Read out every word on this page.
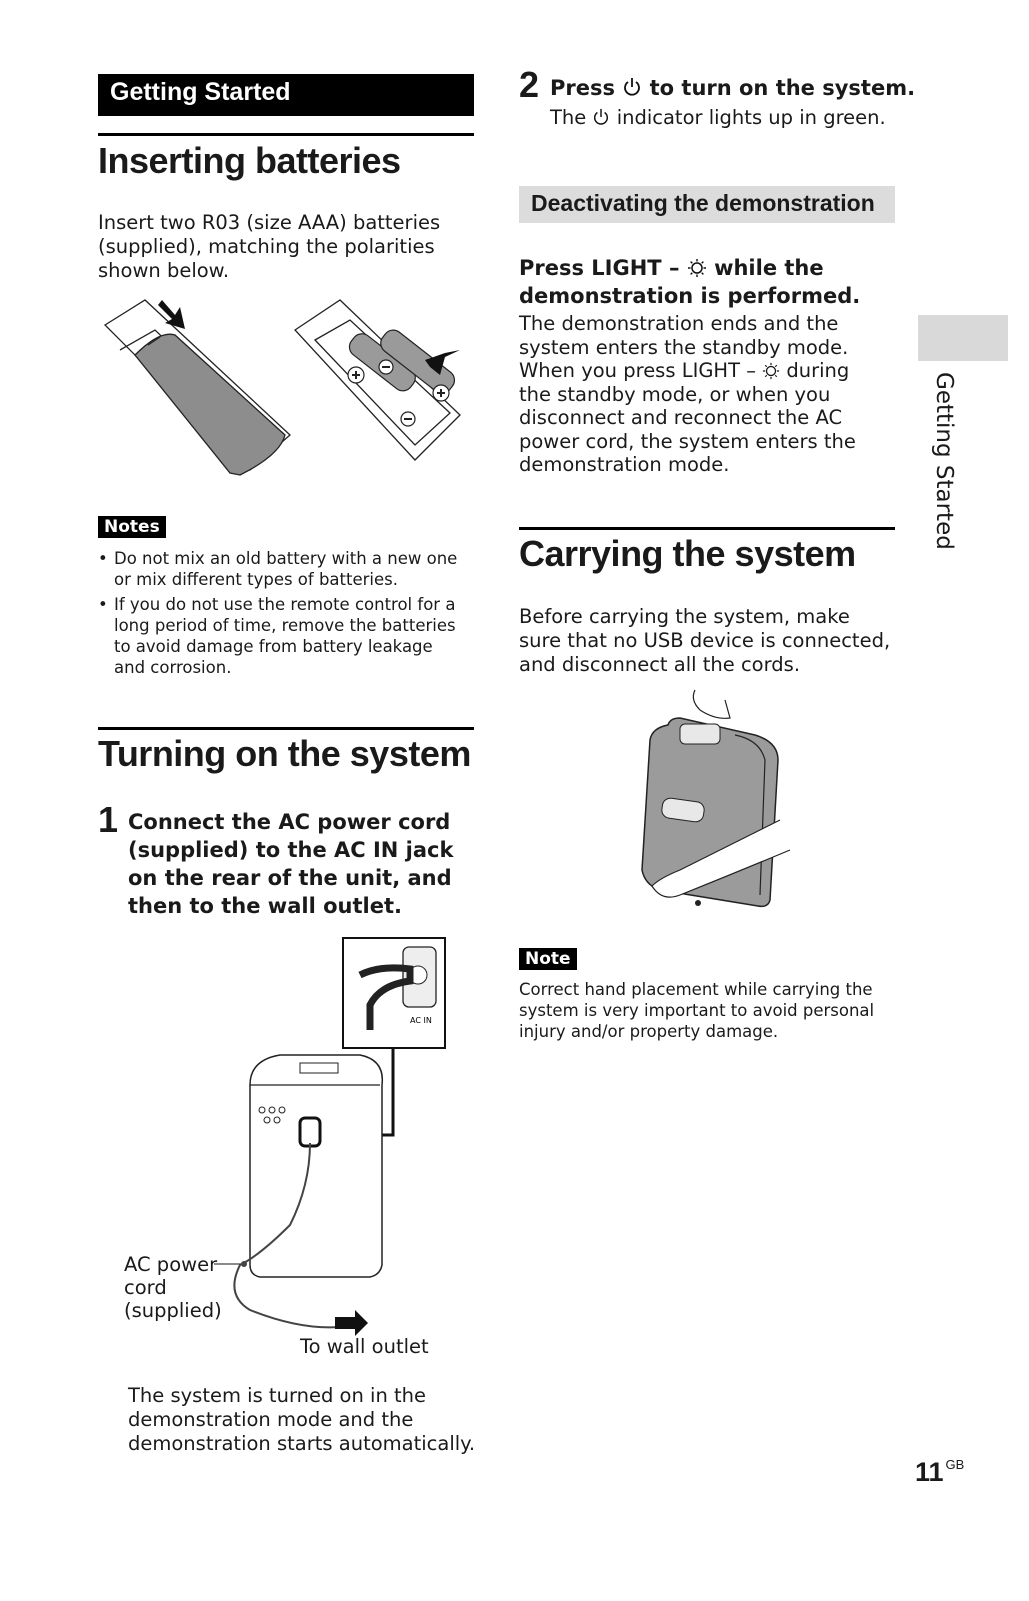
Getting Started
Inserting batteries
Insert two R03 (size AAA) batteries (supplied), matching the polarities shown below.
Notes
• Do not mix an old battery with a new one or mix different types of batteries.
• If you do not use the remote control for a long period of time, remove the batteries to avoid damage from battery leakage and corrosion.
Turning on the system
1 Connect the AC power cord (supplied) to the AC IN jack on the rear of the unit, and then to the wall outlet.
AC IN
AC power cord (supplied)
To wall outlet
The system is turned on in the demonstration mode and the demonstration starts automatically.
2 Press to turn on the system.
The indicator lights up in green.
Deactivating the demonstration
Press LIGHT – while the demonstration is performed.
The demonstration ends and the system enters the standby mode. When you press LIGHT – during the standby mode, or when you disconnect and reconnect the AC power cord, the system enters the demonstration mode.
Carrying the system
Before carrying the system, make sure that no USB device is connected, and disconnect all the cords.
Note
Correct hand placement while carrying the system is very important to avoid personal injury and/or property damage.
Getting Started
11 $^{GB}$
